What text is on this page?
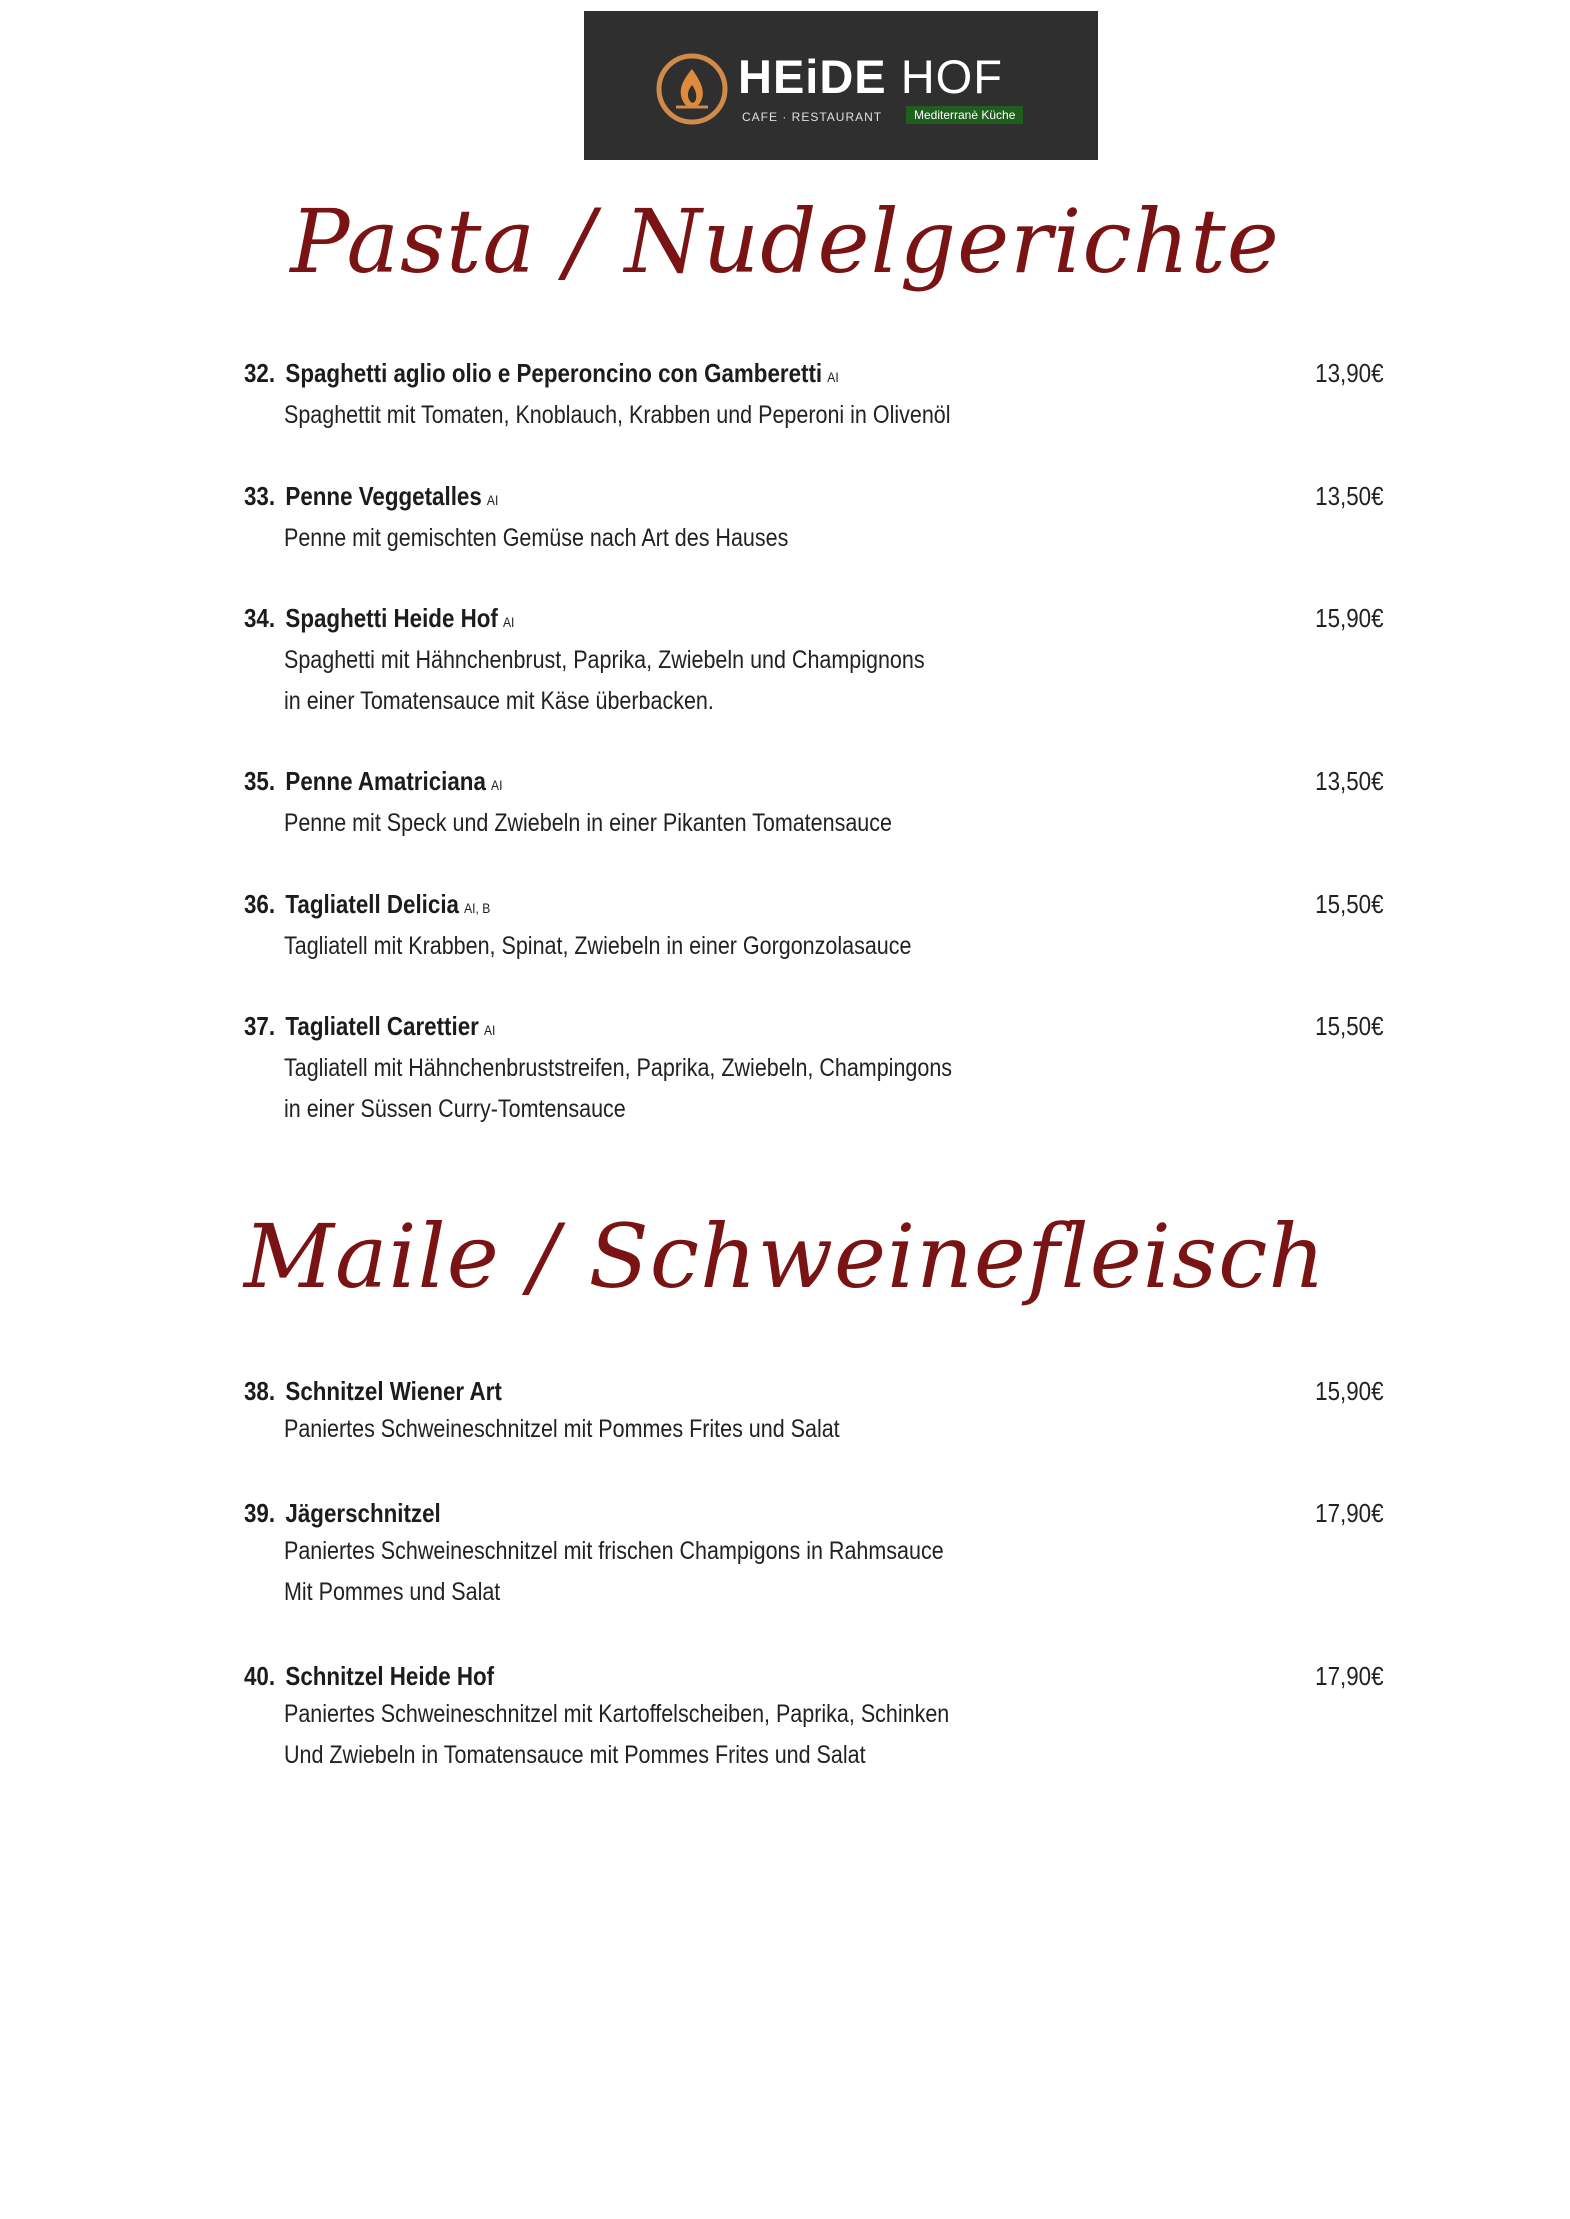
HEiDE HOF
CAFE · RESTAURANT	Mediterranè Küche
Pasta / Nudelgerichte
32. Spaghetti aglio olio e Peperoncino con Gamberetti AI	13,90€
Spaghettit mit Tomaten, Knoblauch, Krabben und Peperoni in Olivenöl
33. Penne Veggetalles AI	13,50€
Penne mit gemischten Gemüse nach Art des Hauses
34. Spaghetti Heide Hof AI	15,90€
Spaghetti mit Hähnchenbrust, Paprika, Zwiebeln und Champignons
in einer Tomatensauce mit Käse überbacken.
35. Penne Amatriciana AI	13,50€
Penne mit Speck und Zwiebeln in einer Pikanten Tomatensauce
36. Tagliatell Delicia AI, B	15,50€
Tagliatell mit Krabben, Spinat, Zwiebeln in einer Gorgonzolasauce
37. Tagliatell Carettier AI	15,50€
Tagliatell mit Hähnchenbruststreifen, Paprika, Zwiebeln, Champingons
in einer Süssen Curry-Tomtensauce
Maile / Schweinefleisch
38. Schnitzel Wiener Art	15,90€
Paniertes Schweineschnitzel mit Pommes Frites und Salat
39. Jägerschnitzel	17,90€
Paniertes Schweineschnitzel mit frischen Champigons in Rahmsauce
Mit Pommes und Salat
40. Schnitzel Heide Hof	17,90€
Paniertes Schweineschnitzel mit Kartoffelscheiben, Paprika, Schinken
Und Zwiebeln in Tomatensauce mit Pommes Frites und Salat
